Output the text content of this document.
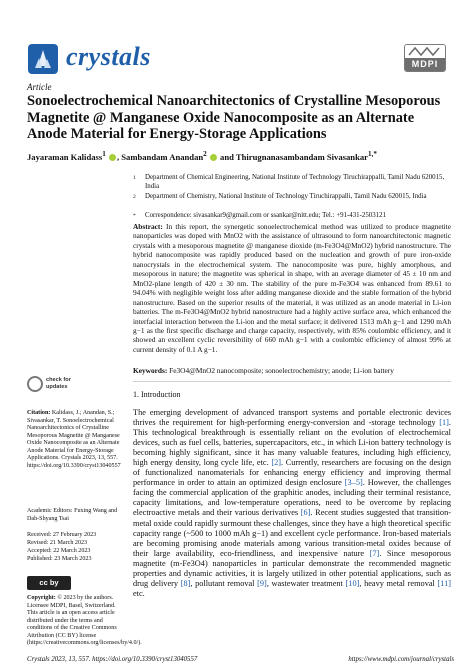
crystals	MDPI
Article
Sonoelectrochemical Nanoarchitectonics of Crystalline Mesoporous Magnetite @ Manganese Oxide Nanocomposite as an Alternate Anode Material for Energy-Storage Applications
Jayaraman Kalidass$^1$ , Sambandam Anandan$^2$  and Thirugnanasambandam Sivasankar$^{1,*}$
1 Department of Chemical Engineering, National Institute of Technology Tiruchirappalli, Tamil Nadu 620015, India
2 Department of Chemistry, National Institute of Technology Tiruchirappalli, Tamil Nadu 620015, India
* Correspondence: sivasankar9@gmail.com or ssankar@nitt.edu; Tel.: +91-431-2503121
Abstract: In this report, the synergetic sonoelectrochemical method was utilized to produce magnetite nanoparticles was doped with MnO2 with the assistance of ultrasound to form nanoarchitectonic magnetic crystals with a mesoporous magnetite @ manganese dioxide (m-Fe3O4@MnO2) hybrid nanostructure. The hybrid nanocomposite was rapidly produced based on the nucleation and growth of pure iron-oxide nanocrystals in the electrochemical system. The nanocomposite was pure, highly amorphous, and mesoporous in nature; the magnetite was spherical in shape, with an average diameter of 45 ± 10 nm and MnO2-plane length of 420 ± 30 nm. The stability of the pure m-Fe3O4 was enhanced from 89.61 to 94.04% with negligible weight loss after adding manganese dioxide and the stable formation of the hybrid nanostructure. Based on the superior results of the material, it was utilized as an anode material in Li-ion batteries. The m-Fe3O4@MnO2 hybrid nanostructure had a highly active surface area, which enhanced the interfacial interaction between the Li-ion and the metal surface; it delivered 1513 mAh g−1 and 1290 mAh g−1 as the first specific discharge and charge capacity, respectively, with 85% coulombic efficiency, and it showed an excellent cyclic reversibility of 660 mAh g−1 with a coulombic efficiency of almost 99% at current density of 0.1 A g−1.
Keywords: Fe3O4@MnO2 nanocomposite; sonoelectrochemistry; anode; Li-ion battery
1. Introduction
The emerging development of advanced transport systems and portable electronic devices thrives the requirement for high-performing energy-conversion and -storage technology [1]. This technological breakthrough is essentially reliant on the evolution of electrochemical devices, such as fuel cells, batteries, supercapacitors, etc., in which Li-ion battery technology is becoming highly significant, since it has many valuable features, including high efficiency, high energy density, long cycle life, etc. [2]. Currently, researchers are focusing on the design of functionalized nanomaterials for enhancing energy efficiency and improving thermal performance in order to attain an optimized design enclosure [3–5]. However, the challenges facing the commercial application of the graphitic anodes, including their terminal resistance, capacity limitations, and low-temperature operations, need to be overcome by replacing electroactive metals and their various derivatives [6]. Recent studies suggested that transition-metal oxide could rapidly surmount these challenges, since they have a high theoretical specific capacity range (~500 to 1000 mAh g−1) and excellent cycle performance. Iron-based materials are becoming promising anode materials among various transition-metal oxides because of their large availability, eco-friendliness, and inexpensive nature [7]. Since mesoporous magnetite (m-Fe3O4) nanoparticles in particular demonstrate the recommended magnetic properties and dynamic activities, it is largely utilized in other potential applications, such as drug delivery [8], pollutant removal [9], wastewater treatment [10], heavy metal removal [11] etc.
check for
updates
Citation: Kalidass, J.; Anandan, S.; Sivasankar, T. Sonoelectrochemical Nanoarchitectonics of Crystalline Mesoporous Magnetite @ Manganese Oxide Nanocomposite as an Alternate Anode Material for Energy-Storage Applications. Crystals 2023, 13, 557. https://doi.org/10.3390/cryst13040557
Academic Editors: Fuxing Wang and Dah-Shyang Tsai
Received: 27 February 2023
Revised: 21 March 2023
Accepted: 22 March 2023
Published: 23 March 2023
cc by
Copyright: © 2023 by the authors. Licensee MDPI, Basel, Switzerland. This article is an open access article distributed under the terms and conditions of the Creative Commons Attribution (CC BY) license (https://creativecommons.org/licenses/by/4.0/).
Crystals 2023, 13, 557. https://doi.org/10.3390/cryst13040557	https://www.mdpi.com/journal/crystals
